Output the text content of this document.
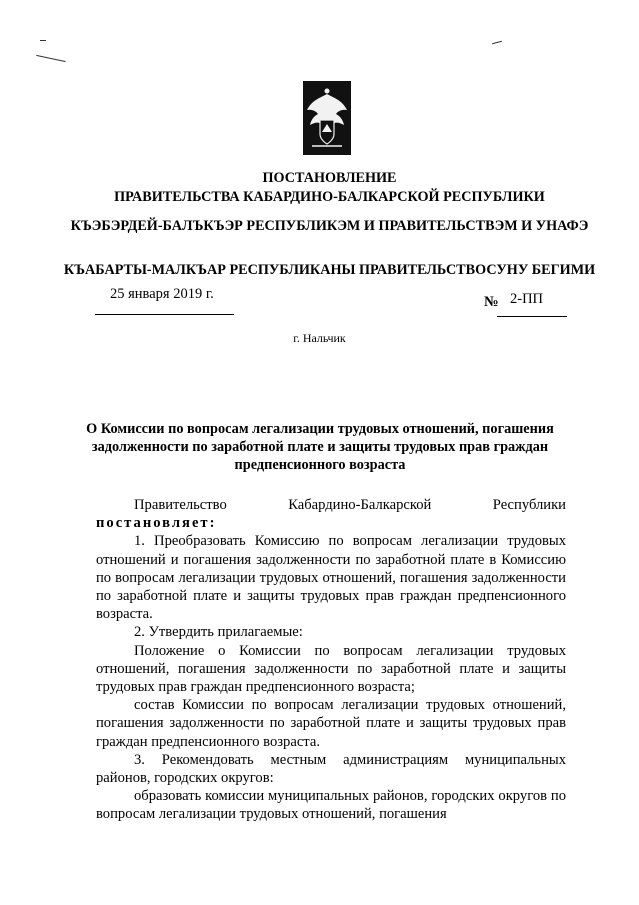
ПОСТАНОВЛЕНИЕ
ПРАВИТЕЛЬСТВА КАБАРДИНО-БАЛКАРСКОЙ РЕСПУБЛИКИ
КЪЭБЭРДЕЙ-БАЛЪКЪЭР РЕСПУБЛИКЭМ И ПРАВИТЕЛЬСТВЭМ И УНАФЭ
КЪАБАРТЫ-МАЛКЪАР РЕСПУБЛИКАНЫ ПРАВИТЕЛЬСТВОСУНУ БЕГИМИ
25 января 2019 г.	№ 2-ПП
г. Нальчик
О Комиссии по вопросам легализации трудовых отношений, погашения задолженности по заработной плате и защиты трудовых прав граждан предпенсионного возраста
Правительство	Кабардино-Балкарской	Республики

постановляет:

1. Преобразовать Комиссию по вопросам легализации трудовых отношений и погашения задолженности по заработной плате в Комиссию по вопросам легализации трудовых отношений, погашения задолженности по заработной плате и защиты трудовых прав граждан предпенсионного возраста.

2. Утвердить прилагаемые:

Положение о Комиссии по вопросам легализации трудовых отношений, погашения задолженности по заработной плате и защиты трудовых прав граждан предпенсионного возраста;

состав Комиссии по вопросам легализации трудовых отношений, погашения задолженности по заработной плате и защиты трудовых прав граждан предпенсионного возраста.

3. Рекомендовать местным администрациям муниципальных районов, городских округов:

образовать комиссии муниципальных районов, городских округов по вопросам легализации трудовых отношений, погашения
